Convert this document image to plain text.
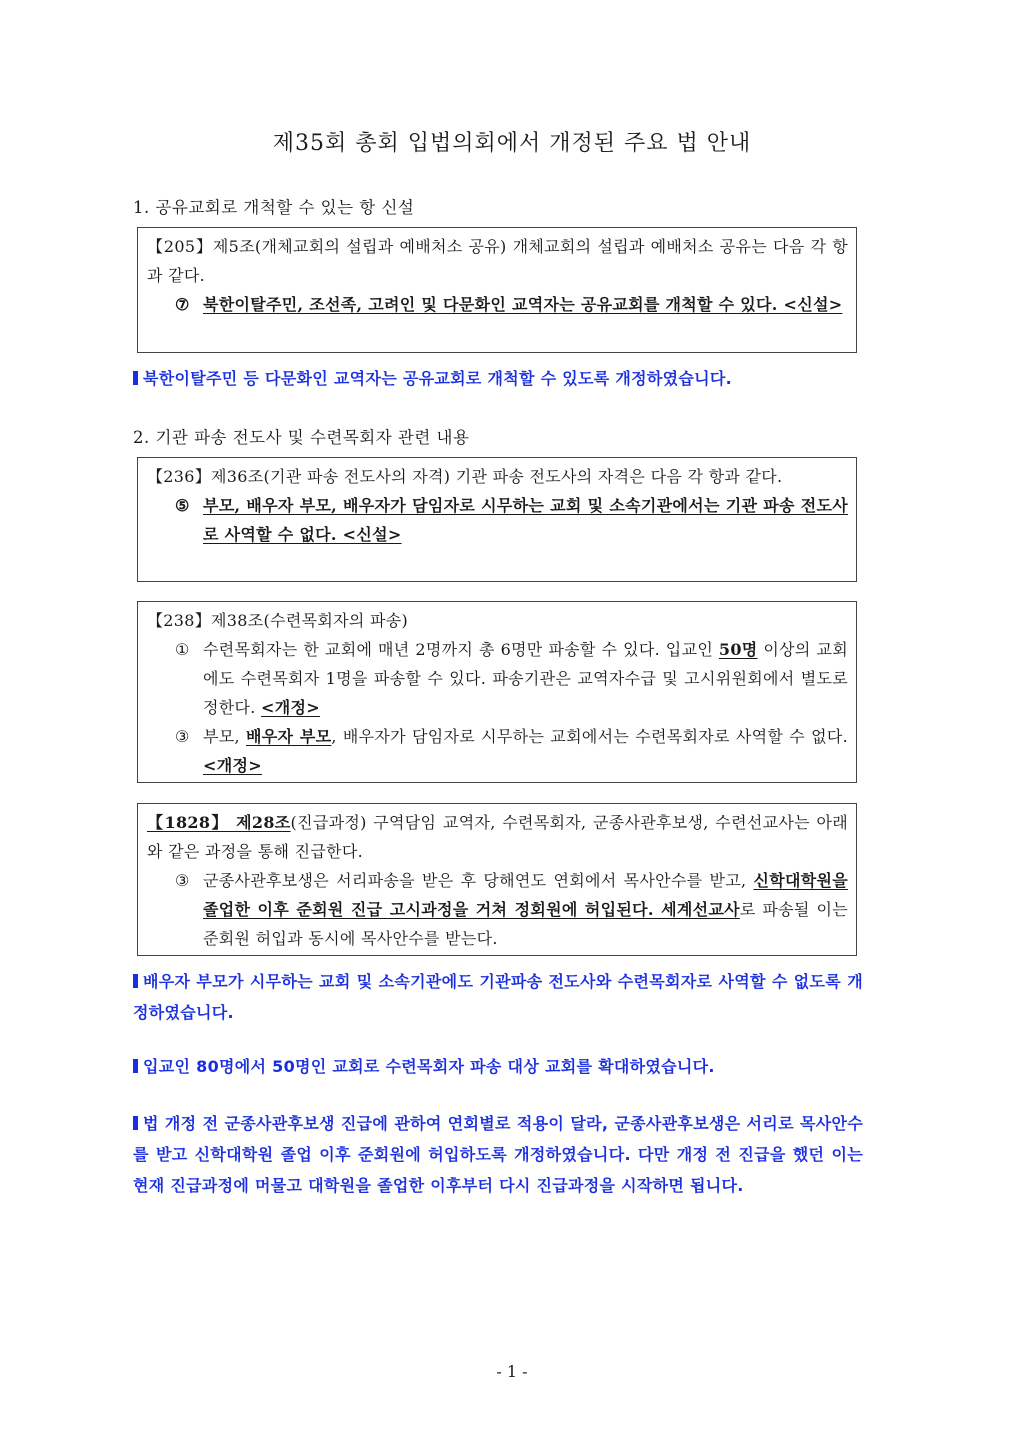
제35회 총회 입법의회에서 개정된 주요 법 안내
1. 공유교회로 개척할 수 있는 항 신설

【205】제5조(개체교회의 설립과 예배처소 공유) 개체교회의 설립과 예배처소 공유는 다음 각 항과 같다.

⑦ 북한이탈주민, 조선족, 고려인 및 다문화인 교역자는 공유교회를 개척할 수 있다. <신설>
북한이탈주민 등 다문화인 교역자는 공유교회로 개척할 수 있도록 개정하였습니다.
2. 기관 파송 전도사 및 수련목회자 관련 내용

【236】제36조(기관 파송 전도사의 자격) 기관 파송 전도사의 자격은 다음 각 항과 같다.

⑤ 부모, 배우자 부모, 배우자가 담임자로 시무하는 교회 및 소속기관에서는 기관 파송 전도사로 사역할 수 없다. <신설>

【238】제38조(수련목회자의 파송)

① 수련목회자는 한 교회에 매년 2명까지 총 6명만 파송할 수 있다. 입교인 50명 이상의 교회에도 수련목회자 1명을 파송할 수 있다. 파송기관은 교역자수급 및 고시위원회에서 별도로 정한다. <개정>
③ 부모, 배우자 부모, 배우자가 담임자로 시무하는 교회에서는 수련목회자로 사역할 수 없다. <개정>

【1828】 제28조(진급과정) 구역담임 교역자, 수련목회자, 군종사관후보생, 수련선교사는 아래와 같은 과정을 통해 진급한다.

③ 군종사관후보생은 서리파송을 받은 후 당해연도 연회에서 목사안수를 받고, 신학대학원을 졸업한 이후 준회원 진급 고시과정을 거쳐 정회원에 허입된다. 세계선교사로 파송될 이는 준회원 허입과 동시에 목사안수를 받는다.
배우자 부모가 시무하는 교회 및 소속기관에도 기관파송 전도사와 수련목회자로 사역할 수 없도록 개정하였습니다.
입교인 80명에서 50명인 교회로 수련목회자 파송 대상 교회를 확대하였습니다.
법 개정 전 군종사관후보생 진급에 관하여 연회별로 적용이 달라, 군종사관후보생은 서리로 목사안수를 받고 신학대학원 졸업 이후 준회원에 허입하도록 개정하였습니다. 다만 개정 전 진급을 했던 이는 현재 진급과정에 머물고 대학원을 졸업한 이후부터 다시 진급과정을 시작하면 됩니다.
- 1 -
